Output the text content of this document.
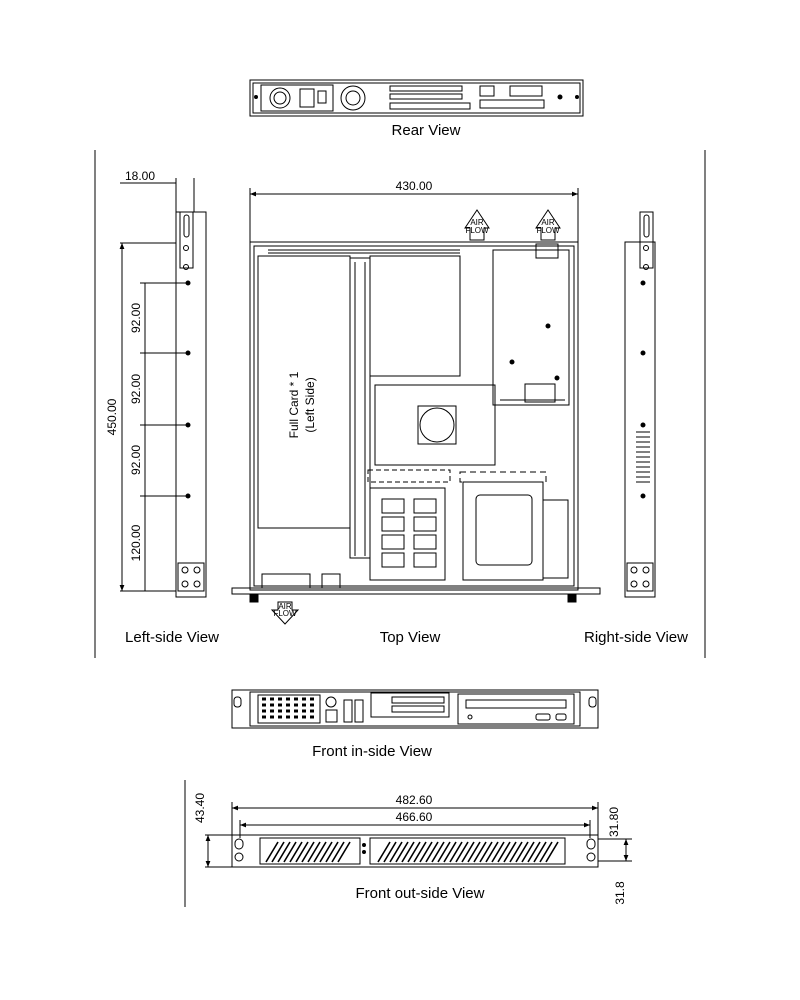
Rear View
18.00
450.00
92.00
92.00
92.00
120.00
Left-side View
430.00
AIR
FLOW
AIR
FLOW
AIR
FLOW
Full Card * 1 (Left Side)
Top View	Right-side View
Front in-side View
482.60
466.60
43.40	31.80
31.8
Front out-side View
